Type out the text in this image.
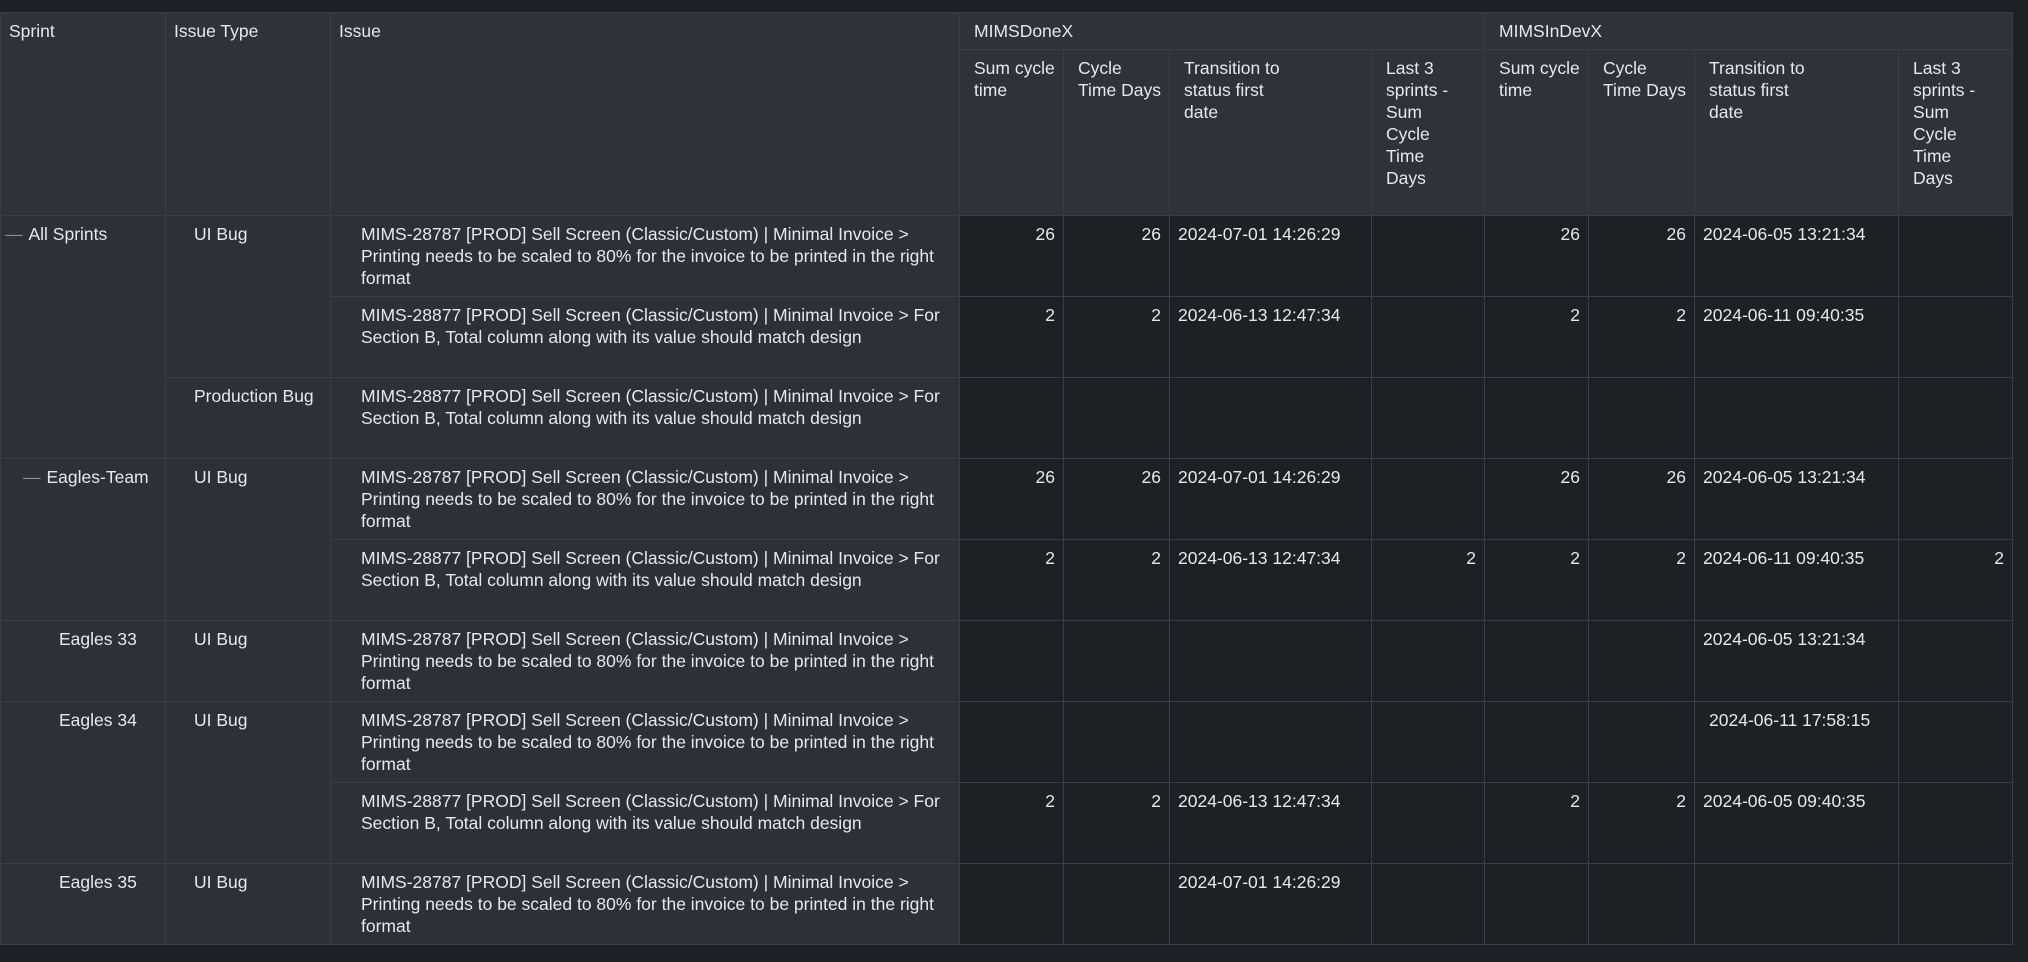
Sprint	Issue Type	Issue	MIMSDoneX				MIMSInDevX			
			Sum cycle time	Cycle Time Days	Transition to status first date	Last 3 sprints - Sum Cycle Time Days	Sum cycle time	Cycle Time Days	Transition to status first date	Last 3 sprints - Sum Cycle Time Days
— All Sprints	UI Bug	MIMS-28787 [PROD] Sell Screen (Classic/Custom) | Minimal Invoice > Printing needs to be scaled to 80% for the invoice to be printed in the right format	26	26	2024-07-01 14:26:29		26	26	2024-06-05 13:21:34	
		MIMS-28877 [PROD] Sell Screen (Classic/Custom) | Minimal Invoice > For Section B, Total column along with its value should match design	2	2	2024-06-13 12:47:34		2	2	2024-06-11 09:40:35	
	Production Bug	MIMS-28877 [PROD] Sell Screen (Classic/Custom) | Minimal Invoice > For Section B, Total column along with its value should match design								
— Eagles-Team	UI Bug	MIMS-28787 [PROD] Sell Screen (Classic/Custom) | Minimal Invoice > Printing needs to be scaled to 80% for the invoice to be printed in the right format	26	26	2024-07-01 14:26:29		26	26	2024-06-05 13:21:34	
		MIMS-28877 [PROD] Sell Screen (Classic/Custom) | Minimal Invoice > For Section B, Total column along with its value should match design	2	2	2024-06-13 12:47:34	2	2	2	2024-06-11 09:40:35	2
Eagles 33	UI Bug	MIMS-28787 [PROD] Sell Screen (Classic/Custom) | Minimal Invoice > Printing needs to be scaled to 80% for the invoice to be printed in the right format							2024-06-05 13:21:34	
Eagles 34	UI Bug	MIMS-28787 [PROD] Sell Screen (Classic/Custom) | Minimal Invoice > Printing needs to be scaled to 80% for the invoice to be printed in the right format							2024-06-11 17:58:15	
		MIMS-28877 [PROD] Sell Screen (Classic/Custom) | Minimal Invoice > For Section B, Total column along with its value should match design	2	2	2024-06-13 12:47:34		2	2	2024-06-05 09:40:35	
Eagles 35	UI Bug	MIMS-28787 [PROD] Sell Screen (Classic/Custom) | Minimal Invoice > Printing needs to be scaled to 80% for the invoice to be printed in the right format			2024-07-01 14:26:29					
